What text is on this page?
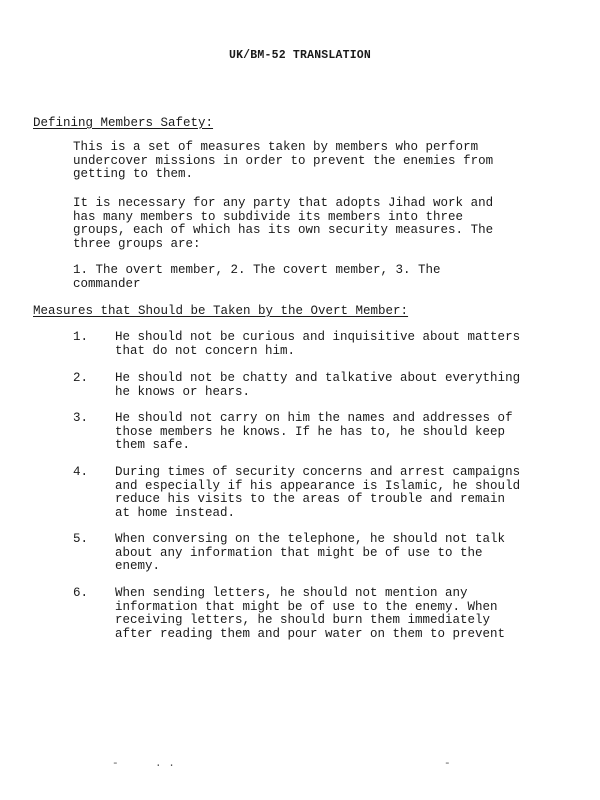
UK/BM-52 TRANSLATION
Defining Members Safety:
This is a set of measures taken by members who perform
undercover missions in order to prevent the enemies from
getting to them.
It is necessary for any party that adopts Jihad work and
has many members to subdivide its members into three
groups, each of which has its own security measures. The
three groups are:
1. The overt member, 2. The covert member, 3. The
commander
Measures that Should be Taken by the Overt Member:
1. He should not be curious and inquisitive about matters
that do not concern him.
2. He should not be chatty and talkative about everything
he knows or hears.
3. He should not carry on him the names and addresses of
those members he knows. If he has to, he should keep
them safe.
4. During times of security concerns and arrest campaigns
and especially if his appearance is Islamic, he should
reduce his visits to the areas of trouble and remain
at home instead.
5. When conversing on the telephone, he should not talk
about any information that might be of use to the
enemy.
6. When sending letters, he should not mention any
information that might be of use to the enemy. When
receiving letters, he should burn them immediately
after reading them and pour water on them to prevent
-	. .	-
